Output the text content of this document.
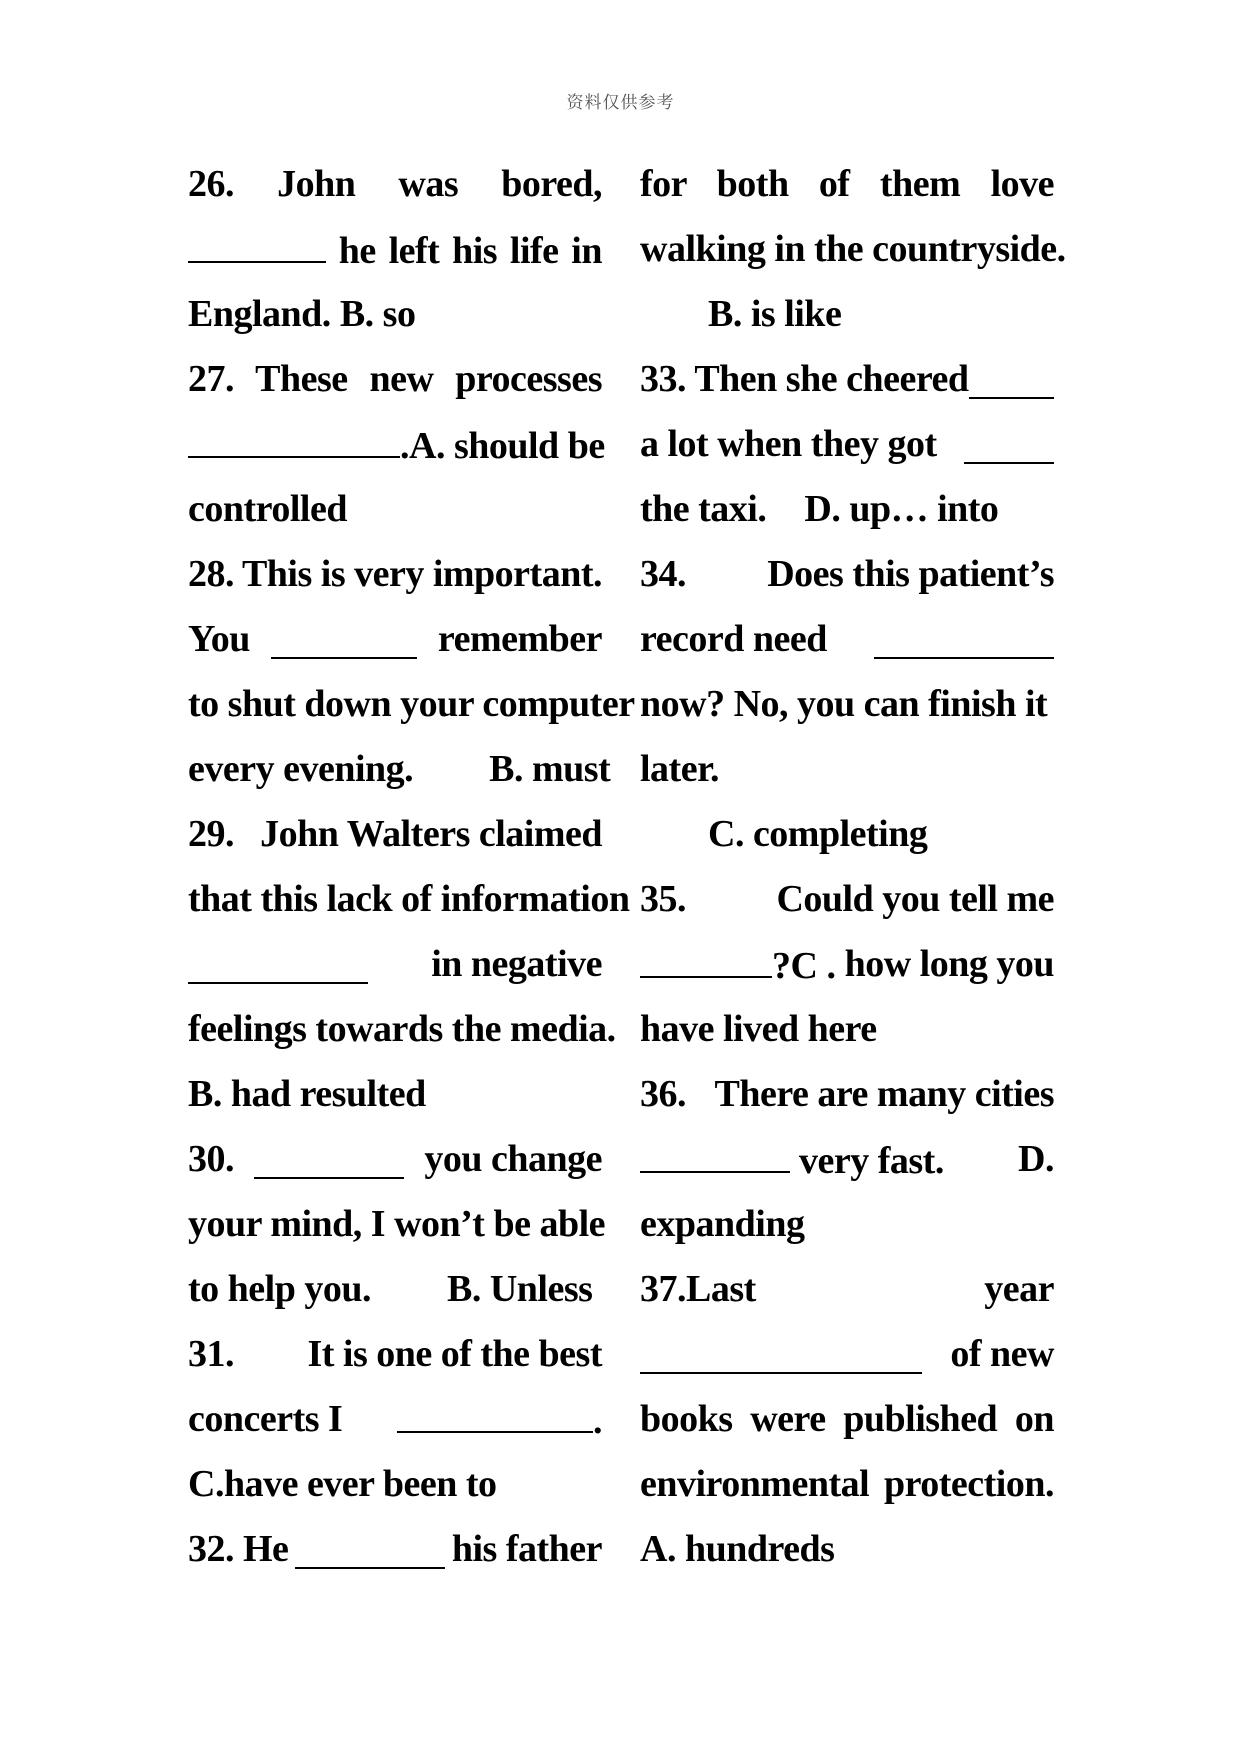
资料仅供参考
26. John was bored,
he left his life in
England. B. so
27. These new processes
.A. should be
controlled
28. This is very important.
You	remember
to shut down your computer
every evening. B. must
29. John Walters claimed
that this lack of information
in negative
feelings towards the media.
B. had resulted
30.	you change
your mind, I won’t be able
to help you. B. Unless
31. It is one of the best
concerts I	.
C.have ever been to
32. He	his father
for both of them love
walking in the countryside.
B. is like
33. Then she cheered
a lot when they got
the taxi. D. up… into
34. Does this patient’s
record need
now? No, you can finish it
later.
C. completing
35. Could you tell me
?C . how long you
have lived here
36. There are many cities
very fast. D.
expanding
37.Last	year
of new
books were published on
environmental protection.
A. hundreds
